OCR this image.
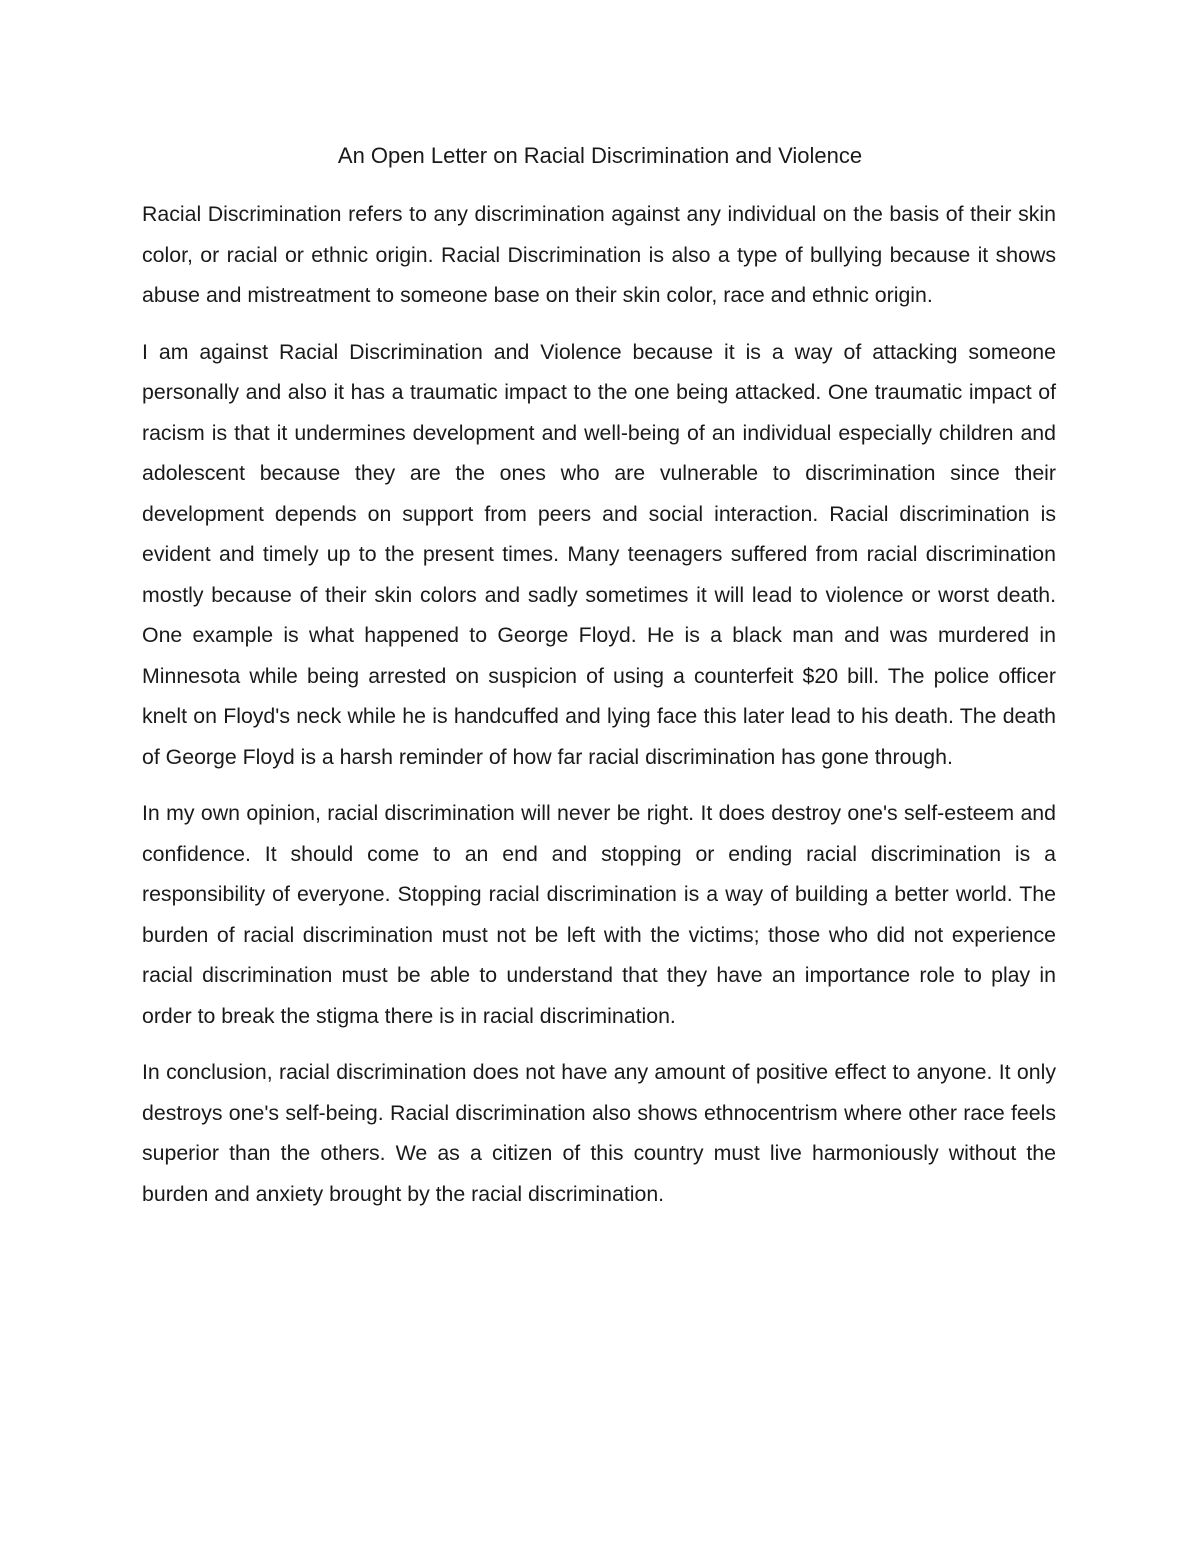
An Open Letter on Racial Discrimination and Violence

Racial Discrimination refers to any discrimination against any individual on the basis of their skin color, or racial or ethnic origin. Racial Discrimination is also a type of bullying because it shows abuse and mistreatment to someone base on their skin color, race and ethnic origin.

I am against Racial Discrimination and Violence because it is a way of attacking someone personally and also it has a traumatic impact to the one being attacked. One traumatic impact of racism is that it undermines development and well-being of an individual especially children and adolescent because they are the ones who are vulnerable to discrimination since their development depends on support from peers and social interaction. Racial discrimination is evident and timely up to the present times. Many teenagers suffered from racial discrimination mostly because of their skin colors and sadly sometimes it will lead to violence or worst death. One example is what happened to George Floyd. He is a black man and was murdered in Minnesota while being arrested on suspicion of using a counterfeit $20 bill. The police officer knelt on Floyd's neck while he is handcuffed and lying face this later lead to his death. The death of George Floyd is a harsh reminder of how far racial discrimination has gone through.

In my own opinion, racial discrimination will never be right. It does destroy one's self-esteem and confidence. It should come to an end and stopping or ending racial discrimination is a responsibility of everyone. Stopping racial discrimination is a way of building a better world. The burden of racial discrimination must not be left with the victims; those who did not experience racial discrimination must be able to understand that they have an importance role to play in order to break the stigma there is in racial discrimination.

In conclusion, racial discrimination does not have any amount of positive effect to anyone. It only destroys one's self-being. Racial discrimination also shows ethnocentrism where other race feels superior than the others. We as a citizen of this country must live harmoniously without the burden and anxiety brought by the racial discrimination.
